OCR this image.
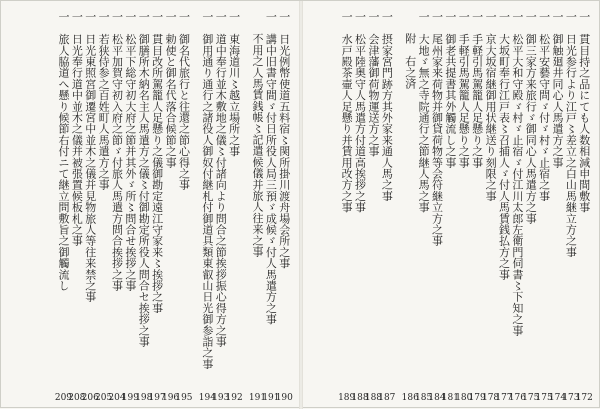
一　日光例幣使道五料宿〻関所掛川渡舟場会所之事
190
一　講中旧書守間ゞ付日所役人局三預ゞ成候ゞ付人馬遣方之事
191
不用之人馬賃銭帳〻記遣候儀并旅人往来之事
191
一　東海道川〻越立場所之事
192
一　道中奉行並木敷地之儀〻付諸向より問合之節挨拶振心得方之事
193
一　御用通り通行之諸役人御奴付継札付御道具類東叡山日光御参詣之事
194
一　御名代旅行と往還之節心得之事
195
一　勅使と御名代落合候節之事
196
一　貫目改所駕籠人足懸り之儀御勘定遠江守家来〻挨拶之事
197
一　御膳所木納名主人馬遣方之儀〻付御勘定所役人問合セ挨拶之事
198
一　松平下総守初大府之節并其外ゞ所〻問合せ挨拶之事
199
一　松平加賀守初入府之節ゞ付旅人馬遣方問合挨拶之事
204
一　若狭侍参之百姓町人馬遣方之事
205
一　日光東照宮御遷宮中並木之儀并見物旅人等往来禁之事
206
一　日光奉行道中並木之儀并被張置候板札之事
208
一　旅人脇道へ懸り候節右付ニて継立問敷旨之御觸流し
209
一　貫目持之品にても人数相減申間敷事
172
一　日光参行より江戸〻差立之白山馬継立方之事
173
一　御触廻井同心人馬遣方之事
174
一　松平安藝守問ゞ付ゞ村ゞ止宿之事
175
一　御三家方来旅行ゞ御同心人馬遣方之事
175
一　松平大和守殿ゞ村ゞ止宿ゞ付江川太郎左衛門伺書〻下知之事
176
一　大坂町奉行江戸表〻召捕人ゞ付人馬賃銭払方之事
177
一　京大坂宿継御用状継送り刻限之事
178
一　手軽引馬駕籠人足懸り之事
179
一　手軽引馬駕籠人足懸り之事
180
一　御老共提書其外觸流し之事
181
一　尾州家来荷物并御貸荷物等会符継立方之事
184
一　大地ゞ無之寺院通行之節継人馬之事
185
附　右之済
186
一　摂家宮門跡方其外家来通人馬之事
187
一　会津藩御荷物運送方之事
188
一　松平陸奥守人馬遣方付道高挨拶之事
188
一　水戸殿茶壷人足懸り并賃用改方之事
189
